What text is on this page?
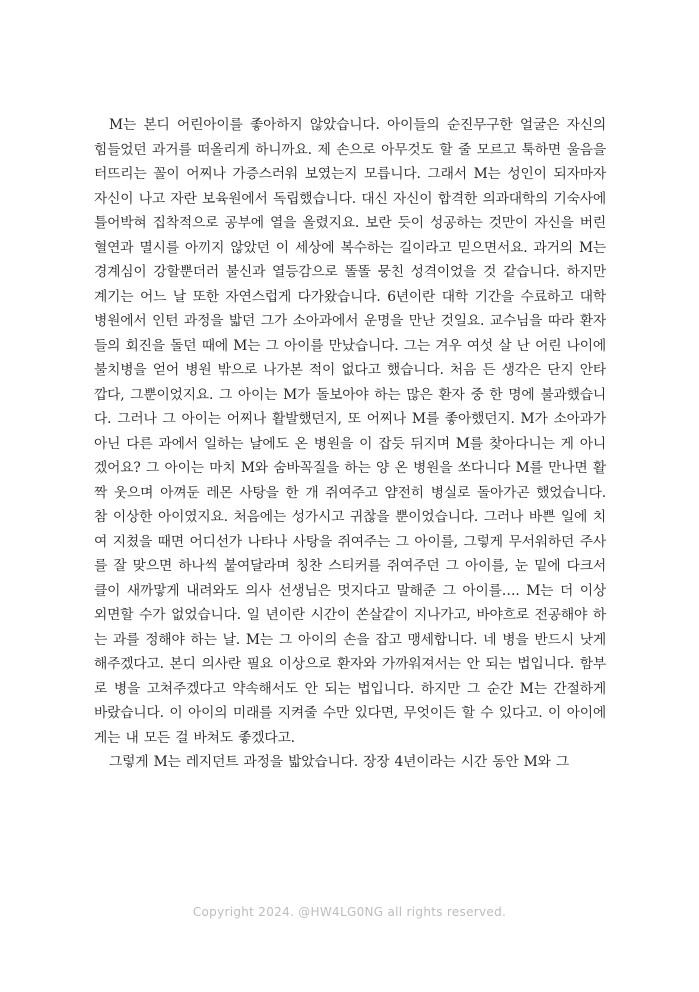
M는 본디 어린아이를 좋아하지 않았습니다. 아이들의 순진무구한 얼굴은 자신의 힘들었던 과거를 떠올리게 하니까요. 제 손으로 아무것도 할 줄 모르고 툭하면 울음을 터뜨리는 꼴이 어찌나 가증스러워 보였는지 모릅니다. 그래서 M는 성인이 되자마자 자신이 나고 자란 보육원에서 독립했습니다. 대신 자신이 합격한 의과대학의 기숙사에 틀어박혀 집착적으로 공부에 열을 올렸지요. 보란 듯이 성공하는 것만이 자신을 버린 혈연과 멸시를 아끼지 않았던 이 세상에 복수하는 길이라고 믿으면서요. 과거의 M는 경계심이 강할뿐더러 불신과 열등감으로 똘똘 뭉친 성격이었을 것 같습니다. 하지만 계기는 어느 날 또한 자연스럽게 다가왔습니다. 6년이란 대학 기간을 수료하고 대학 병원에서 인턴 과정을 밟던 그가 소아과에서 운명을 만난 것일요. 교수님을 따라 환자들의 회진을 돌던 때에 M는 그 아이를 만났습니다. 그는 겨우 여섯 살 난 어린 나이에 불치병을 얻어 병원 밖으로 나가본 적이 없다고 했습니다. 처음 든 생각은 단지 안타깝다, 그뿐이었지요. 그 아이는 M가 돌보아야 하는 많은 환자 중 한 명에 불과했습니다. 그러나 그 아이는 어찌나 활발했던지, 또 어찌나 M를 좋아했던지. M가 소아과가 아닌 다른 과에서 일하는 날에도 온 병원을 이 잡듯 뒤지며 M를 찾아다니는 게 아니겠어요? 그 아이는 마치 M와 숨바꼭질을 하는 양 온 병원을 쏘다니다 M를 만나면 활짝 웃으며 아껴둔 레몬 사탕을 한 개 쥐여주고 얌전히 병실로 돌아가곤 했었습니다. 참 이상한 아이였지요. 처음에는 성가시고 귀찮을 뿐이었습니다. 그러나 바쁜 일에 치여 지쳤을 때면 어디선가 나타나 사탕을 쥐여주는 그 아이를, 그렇게 무서워하던 주사를 잘 맞으면 하나씩 붙여달라며 칭찬 스티커를 쥐여주던 그 아이를, 눈 밑에 다크서클이 새까맣게 내려와도 의사 선생님은 멋지다고 말해준 그 아이를…. M는 더 이상 외면할 수가 없었습니다. 일 년이란 시간이 쏜살같이 지나가고, 바야흐로 전공해야 하는 과를 정해야 하는 날. M는 그 아이의 손을 잡고 맹세합니다. 네 병을 반드시 낫게 해주겠다고. 본디 의사란 필요 이상으로 환자와 가까워져서는 안 되는 법입니다. 함부로 병을 고쳐주겠다고 약속해서도 안 되는 법입니다. 하지만 그 순간 M는 간절하게 바랐습니다. 이 아이의 미래를 지켜줄 수만 있다면, 무엇이든 할 수 있다고. 이 아이에게는 내 모든 걸 바쳐도 좋겠다고.

그렇게 M는 레지던트 과정을 밟았습니다. 장장 4년이라는 시간 동안 M와 그

Copyright 2024. @HW4LG0NG all rights reserved.
